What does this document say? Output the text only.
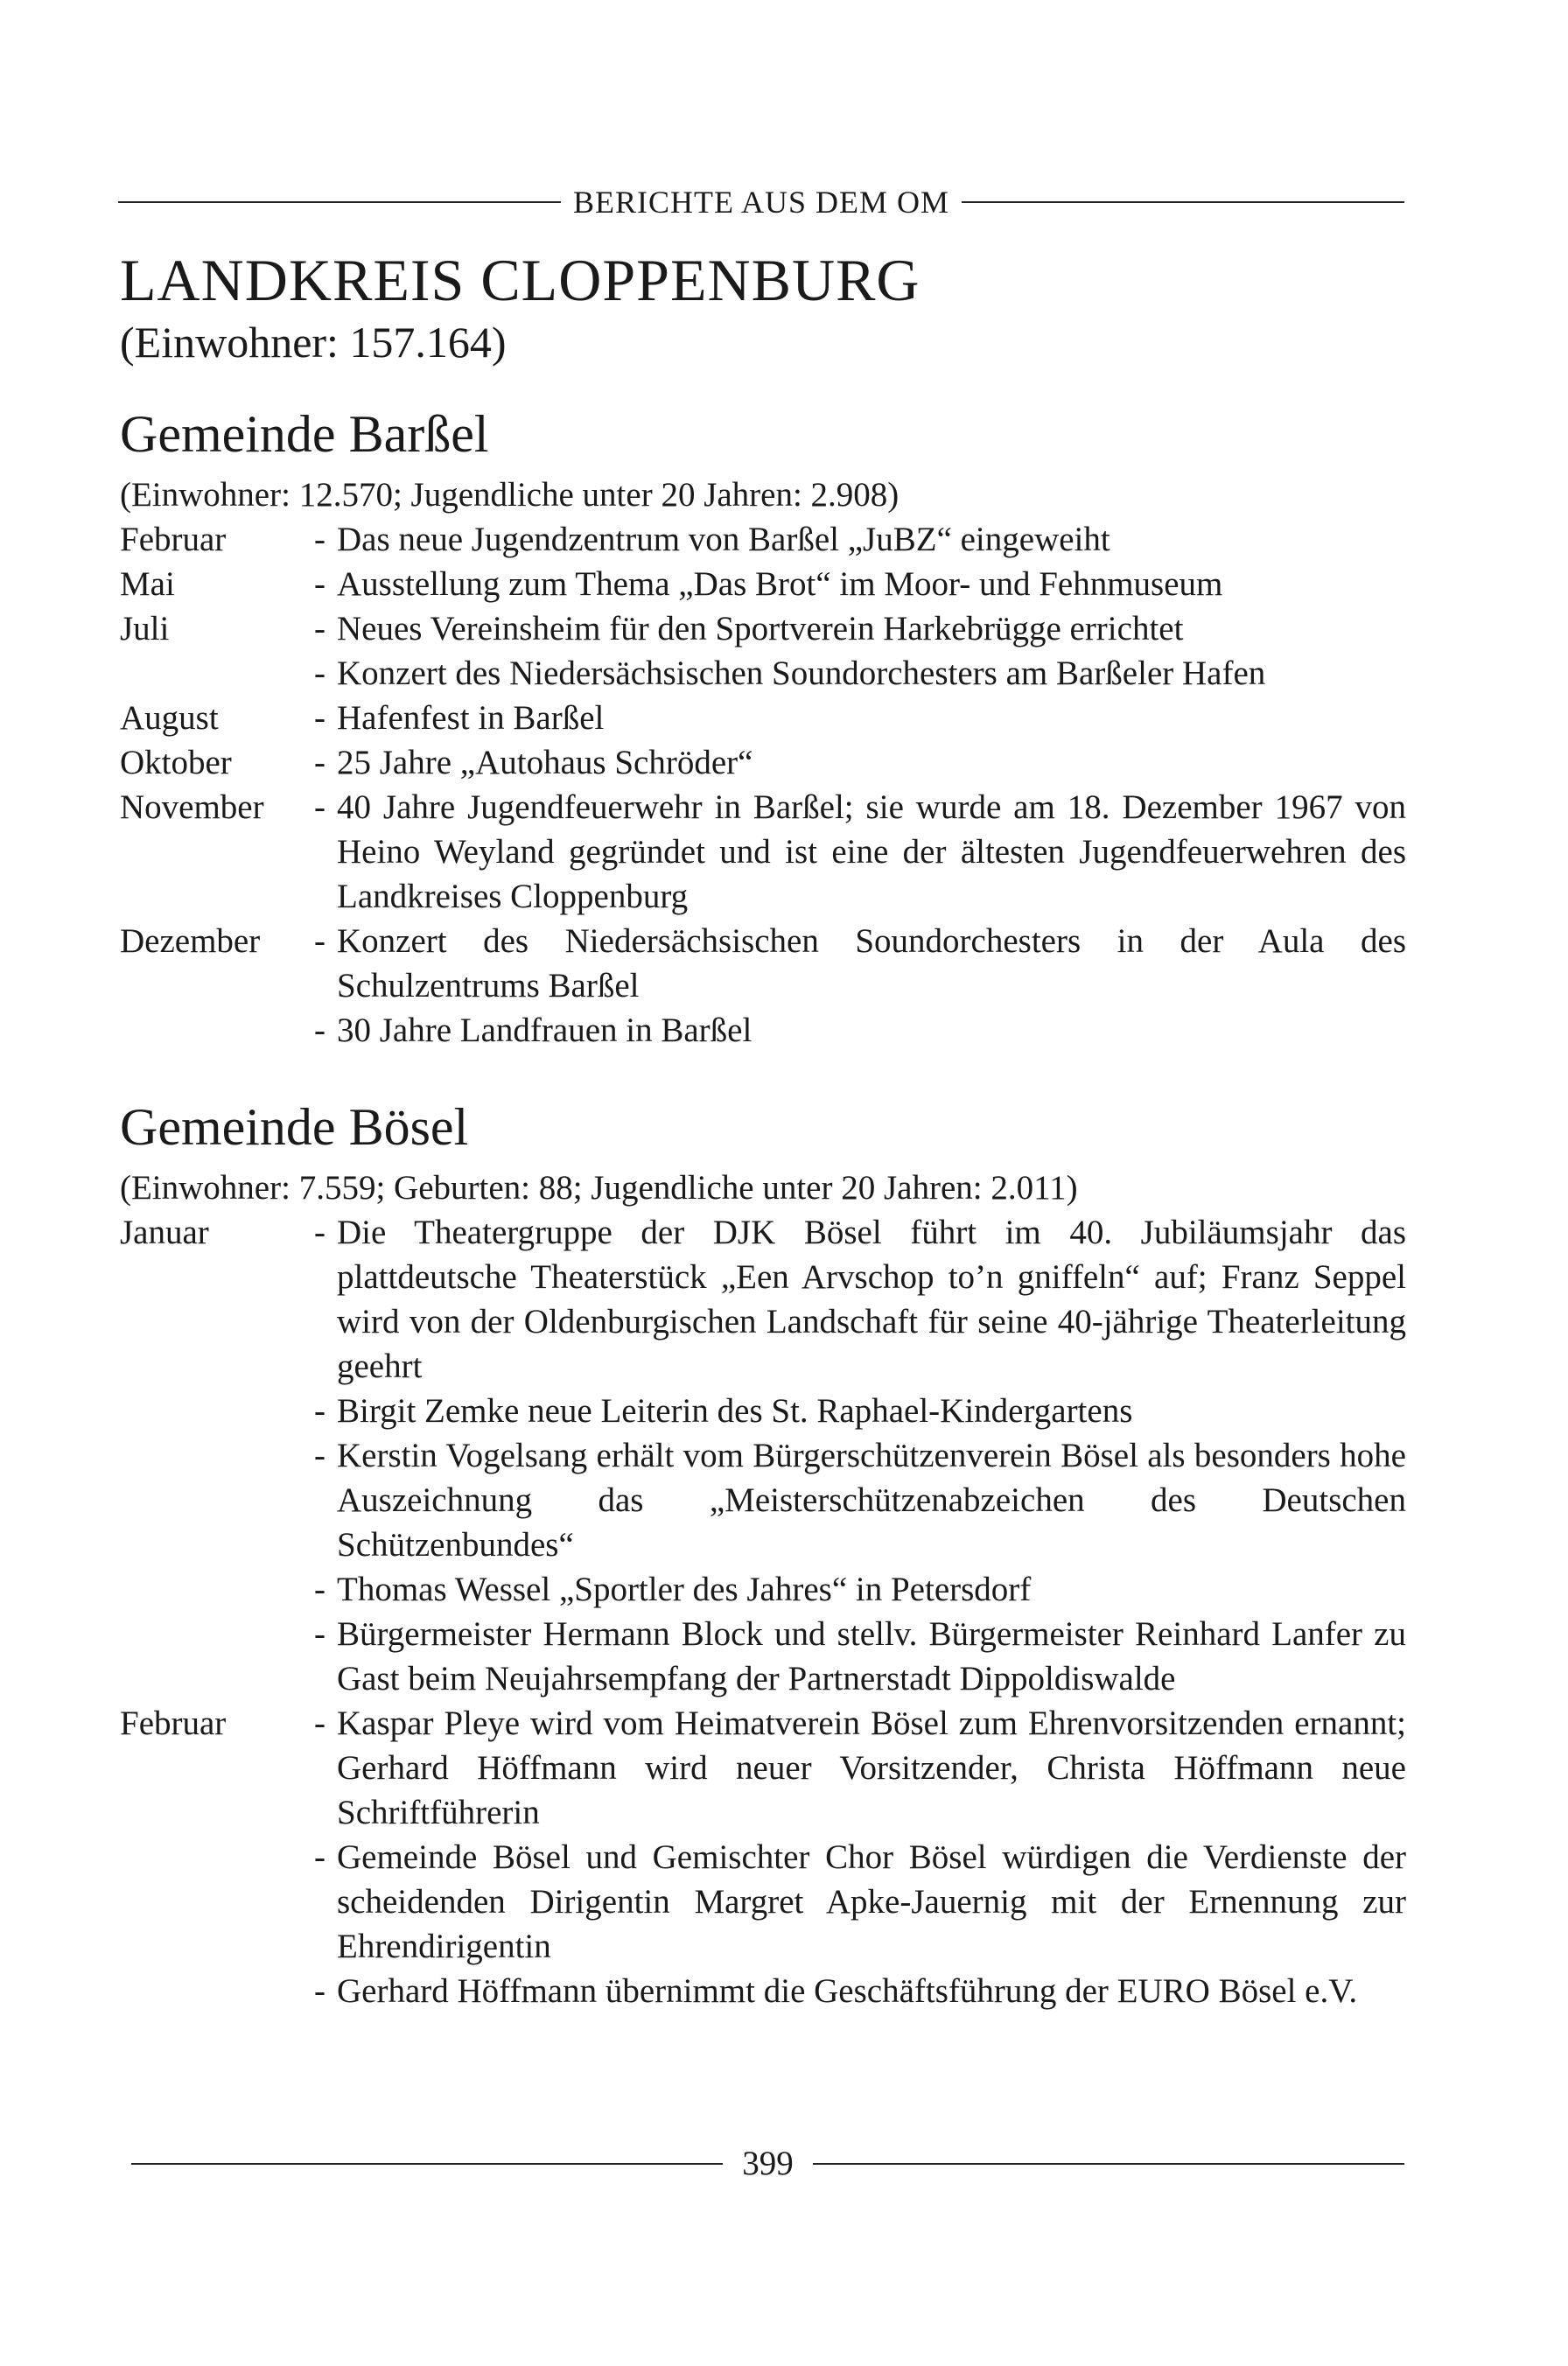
BERICHTE AUS DEM OM
LANDKREIS CLOPPENBURG
(Einwohner: 157.164)
Gemeinde Barßel
(Einwohner: 12.570; Jugendliche unter 20 Jahren: 2.908)
Februar	- Das neue Jugendzentrum von Barßel „JuBZ“ eingeweiht
Mai	- Ausstellung zum Thema „Das Brot“ im Moor- und Fehnmuseum
Juli	- Neues Vereinsheim für den Sportverein Harkebrügge errichtet
- Konzert des Niedersächsischen Soundorchesters am Barßeler Hafen
August	- Hafenfest in Barßel
Oktober	- 25 Jahre „Autohaus Schröder“
November	- 40 Jahre Jugendfeuerwehr in Barßel; sie wurde am 18. Dezember 1967 von Heino Weyland gegründet und ist eine der ältesten Jugendfeuerwehren des Landkreises Cloppenburg
Dezember	- Konzert des Niedersächsischen Soundorchesters in der Aula des Schulzentrums Barßel
- 30 Jahre Landfrauen in Barßel
Gemeinde Bösel
(Einwohner: 7.559; Geburten: 88; Jugendliche unter 20 Jahren: 2.011)
Januar	- Die Theatergruppe der DJK Bösel führt im 40. Jubiläumsjahr das plattdeutsche Theaterstück „Een Arvschop to’n gniffeln“ auf; Franz Seppel wird von der Oldenburgischen Landschaft für seine 40-jährige Theaterleitung geehrt
- Birgit Zemke neue Leiterin des St. Raphael-Kindergartens
- Kerstin Vogelsang erhält vom Bürgerschützenverein Bösel als besonders hohe Auszeichnung das „Meisterschützenabzeichen des Deutschen Schützenbundes“
- Thomas Wessel „Sportler des Jahres“ in Petersdorf
- Bürgermeister Hermann Block und stellv. Bürgermeister Reinhard Lanfer zu Gast beim Neujahrsempfang der Partnerstadt Dippoldiswalde
Februar	- Kaspar Pleye wird vom Heimatverein Bösel zum Ehrenvorsitzenden ernannt; Gerhard Höffmann wird neuer Vorsitzender, Christa Höffmann neue Schriftführerin
- Gemeinde Bösel und Gemischter Chor Bösel würdigen die Verdienste der scheidenden Dirigentin Margret Apke-Jauernig mit der Ernennung zur Ehrendirigentin
- Gerhard Höffmann übernimmt die Geschäftsführung der EURO Bösel e.V.
399
